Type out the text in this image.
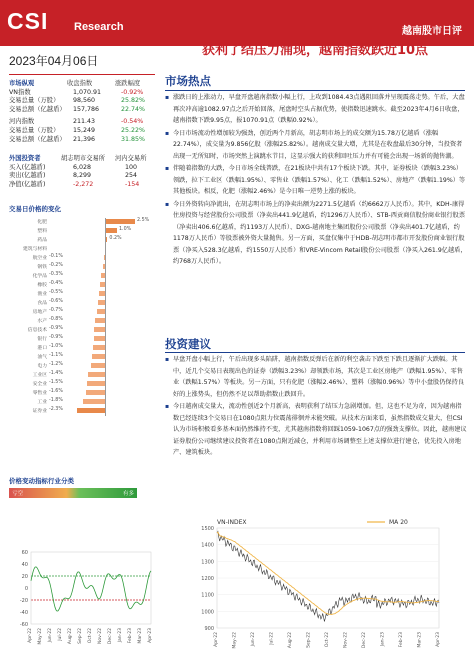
CSI Research	越南股市日评
2023年04月06日
市场纵观	收盘指数	涨跌幅度
VN指数	1,070.91	-0.92%
交易总量（万股） 98,560	25.82%
交易总额（亿越盾） 157,786	22.74%
河内指数	211.43	-0.54%
交易总量（万股） 15,249	25.22%
交易总额（亿越盾） 21,396	31.85%
外国投资者	胡志明市交易所 河内交易所
买入(亿越盾)	6,028	100
卖出(亿越盾)	8,299	254
净值(亿越盾)	-2,272	-154
交易日价格的变化
化肥	2.5%
塑料	1.0%
药品	0.2%
建筑与材料
航空业 -0.1%
钢铁 -0.2%
化学品 -0.3%
橡胶 -0.4%
渔业 -0.5%
食品 -0.6%
房地产 -0.7%
水产 -0.8%
信息技术 -0.9%
银行 -0.9%
港口 -1.0%
油气 -1.1%
电力 -1.2%
工业区 -1.4%
安全业 -1.5%
零售业 -1.6%
工业 -1.8%
证券业 -2.3%
价格变动指标行业分类
亏空	有多
60
40
20
0
-20
-40
-60
Apr-22 May-22 Jun-22 Jul-22 Aug-22 Sep-22 Oct-22 Nov-22 Dec-22 Jan-23 Feb-23 Mar-23 Apr-23
获利了结压力涌现，越南指数跌近10点
市场热点

▪ 涨跌日的上涨动力，早盘开盘越南指数小幅上行，上攻到1084.43点遇阻回落并呈现震荡走势。午后，大盘再次冲高逾1082.97点之后开始回落，尾盘时空头占据优势，使指数迅速跳水。截至2023年4月6日收盘，越南指数下跌9.95点，报1070.91点（跌幅0.92%）。

▪ 今日市场流动性增加较为强劲，创近两个月新高，胡志明市场上的成交额为15.78万亿越盾（涨幅22.74%），成交量为9.856亿股（涨幅25.82%）。越南成交量大增，尤其是在收盘最后30分钟，当投资者出现一无所知时，市场突然上演跳水节目，这显示强大的获利回吐压力并有可能会出现一场新的抛售潮。

▪ 伴随着指数的大跌，今日市场全线普跌，在21板块中共有17个板块下跌。其中，证券板块（跌幅3.23%）领跌，拉下工业区（跌幅1.95%）、零售业（跌幅1.57%）、化工（跌幅1.52%）、房地产（跌幅1.19%）等其他板块。相反，化肥（涨幅2.46%）是今日唯一逆势上涨的板块。

▪ 今日外资转向净流出，在胡志明市场上的净卖出额为2271.5亿越盾（约6662万人民币）。其中，KDH-康得住房投资与经营股份公司股票（净卖出441.9亿越盾，约1296万人民币）、STB-西贡商信股份商业银行股票（净卖出406.6亿越盾，约1193万人民币）、DXG-越南地主集团股份公司股票（净卖出401.7亿越盾，约1178万人民币）等股票被外资大量抛售。另一方面，买盘仅集中于HDB-胡志明市都市开发股份商业银行股票（净买入528.3亿越盾，约1550万人民币）和VRE-Vincom Retail股份公司股票（净买入261.9亿越盾，约768万人民币）。

投资建议

▪ 早盘开盘小幅上行，午后出现多头陷阱，越南指数反弹后在新的利空袭击下跌至下跌且逐渐扩大跌幅。其中，近几个交易日表现出色的证券（跌幅3.23%）却领跌市场，其次是工业区房地产（跌幅1.95%）、零售业（跌幅1.57%）等板块。另一方面，只有化肥（涨幅2.46%）、塑料（涨幅0.96%）等中小盘股仍保持良好的上涨势头，但仍然不足以帮助指数止跌回升。

▪ 今日越南成交量大，流动性创近2个月新高，表明获利了结压力急剧增加。但，这也不足为奇，因为越南指数已经连续3个交易日在1080点阻力位震荡徘徊并未能突破。从技术方面来看，虽然指数成交量大，但CSI认为市场积极看多基本面仍然维持不变，尤其越南指数将回踩1059-1067点的强劲支撑位。因此，越南建议证券股份公司继续建议投资者在1080点附近减仓，并利用市场调整至上述支撑位进行建仓，优先投入房地产、建筑板块。

VN-INDEX	MA 20
1500
1400
1300
1200
1100
1000
900
Apr-22	May-22	Jun-22	Jul-22	Aug-22	Sep-22	Oct-22	Nov-22	Dec-22	Jan-23	Feb-23	Mar-23	Apr-23
